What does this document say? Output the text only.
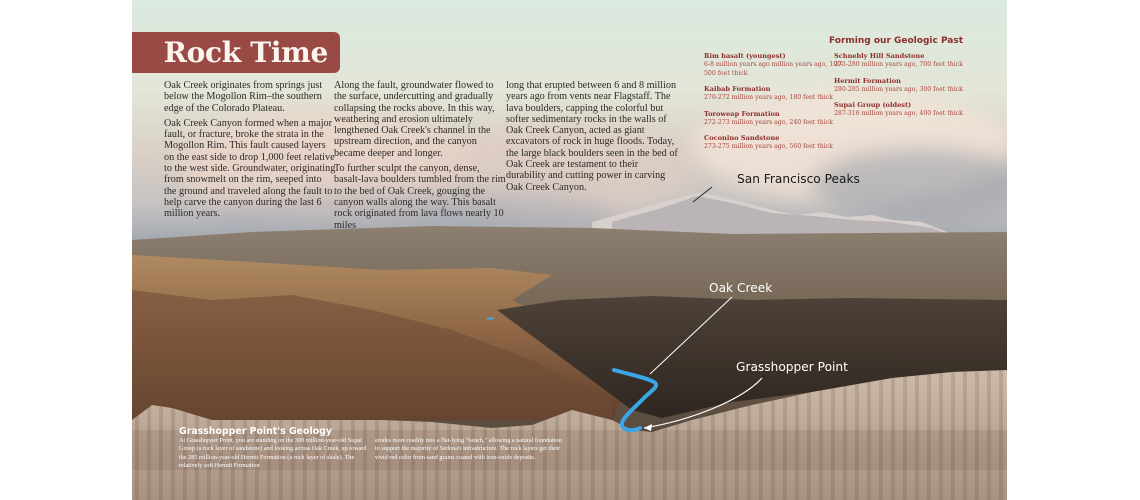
Rock Time

Oak Creek originates from springs just below the Mogollon Rim–the southern edge of the Colorado Plateau.

Oak Creek Canyon formed when a major fault, or fracture, broke the strata in the Mogollon Rim. This fault caused layers on the east side to drop 1,000 feet relative to the west side. Groundwater, originating from snowmelt on the rim, seeped into the ground and traveled along the fault to help carve the canyon during the last 6 million years.

Along the fault, groundwater flowed to the surface, undercutting and gradually collapsing the rocks above. In this way, weathering and erosion ultimately lengthened Oak Creek's channel in the upstream direction, and the canyon became deeper and longer.

To further sculpt the canyon, dense, basalt-lava boulders tumbled from the rim to the bed of Oak Creek, gouging the canyon walls along the way. This basalt rock originated from lava flows nearly 10 miles

long that erupted between 6 and 8 million years ago from vents near Flagstaff. The lava boulders, capping the colorful but softer sedimentary rocks in the walls of Oak Creek Canyon, acted as giant excavators of rock in huge floods. Today, the large black boulders seen in the bed of Oak Creek are testament to their durability and cutting power in carving Oak Creek Canyon.

Forming our Geologic Past
Rim basalt (youngest)
6-8 million years ago million years ago, 100-500 feet thick
Kaibab Formation
270-272 million years ago, 180 feet thick
Toroweap Formation
272-273 million years ago, 240 feet thick
Coconino Sandstone
273-275 million years ago, 560 feet thick
Schnebly Hill Sandstone
275-280 million years ago, 700 feet thick
Hermit Formation
280-285 million years ago, 300 feet thick
Supai Group (oldest)
287-316 million years ago, 400 feet thick
San Francisco Peaks
Oak Creek
Grasshopper Point
Grasshopper Point's Geology
At Grasshopper Point, you are standing on the 300 million-year-old Supai Group (a rock layer of sandstone) and looking across Oak Creek, up toward the 285 million-year-old Hermit Formation (a rock layer of shale). The relatively soft Hermit Formation
erodes more readily into a flat-lying "bench," allowing a natural foundation to support the majority of Sedona's infrastructure. The rock layers get their vivid red color from sand grains coated with iron-oxide deposits.
